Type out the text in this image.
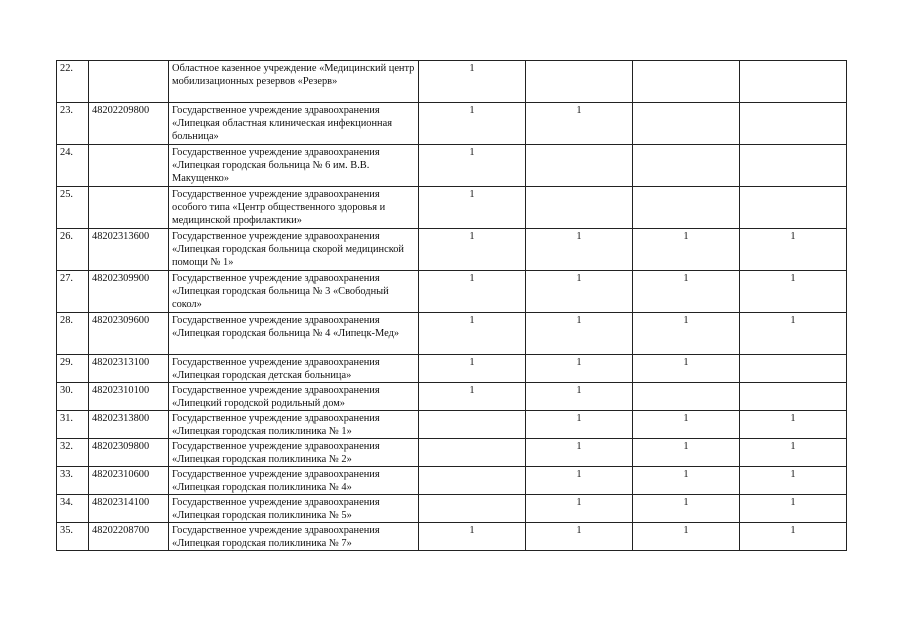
22.		Областное казенное учреждение «Медицинский центр мобилизационных резервов «Резерв»	1			
23.	48202209800	Государственное учреждение здравоохранения «Липецкая областная клиническая инфекционная больница»	1	1		
24.		Государственное учреждение здравоохранения «Липецкая городская больница № 6 им. В.В. Макущенко»	1			
25.		Государственное учреждение здравоохранения особого типа «Центр общественного здоровья и медицинской профилактики»	1			
26.	48202313600	Государственное учреждение здравоохранения «Липецкая городская больница скорой медицинской помощи № 1»	1	1	1	1
27.	48202309900	Государственное учреждение здравоохранения «Липецкая городская больница № 3 «Свободный сокол»	1	1	1	1
28.	48202309600	Государственное учреждение здравоохранения «Липецкая городская больница № 4 «Липецк-Мед»	1	1	1	1
29.	48202313100	Государственное учреждение здравоохранения «Липецкая городская детская больница»	1	1	1	
30.	48202310100	Государственное учреждение здравоохранения «Липецкий городской родильный дом»	1	1		
31.	48202313800	Государственное учреждение здравоохранения «Липецкая городская поликлиника № 1»		1	1	1
32.	48202309800	Государственное учреждение здравоохранения «Липецкая городская поликлиника № 2»		1	1	1
33.	48202310600	Государственное учреждение здравоохранения «Липецкая городская поликлиника № 4»		1	1	1
34.	48202314100	Государственное учреждение здравоохранения «Липецкая городская поликлиника № 5»		1	1	1
35.	48202208700	Государственное учреждение здравоохранения «Липецкая городская поликлиника № 7»	1	1	1	1
